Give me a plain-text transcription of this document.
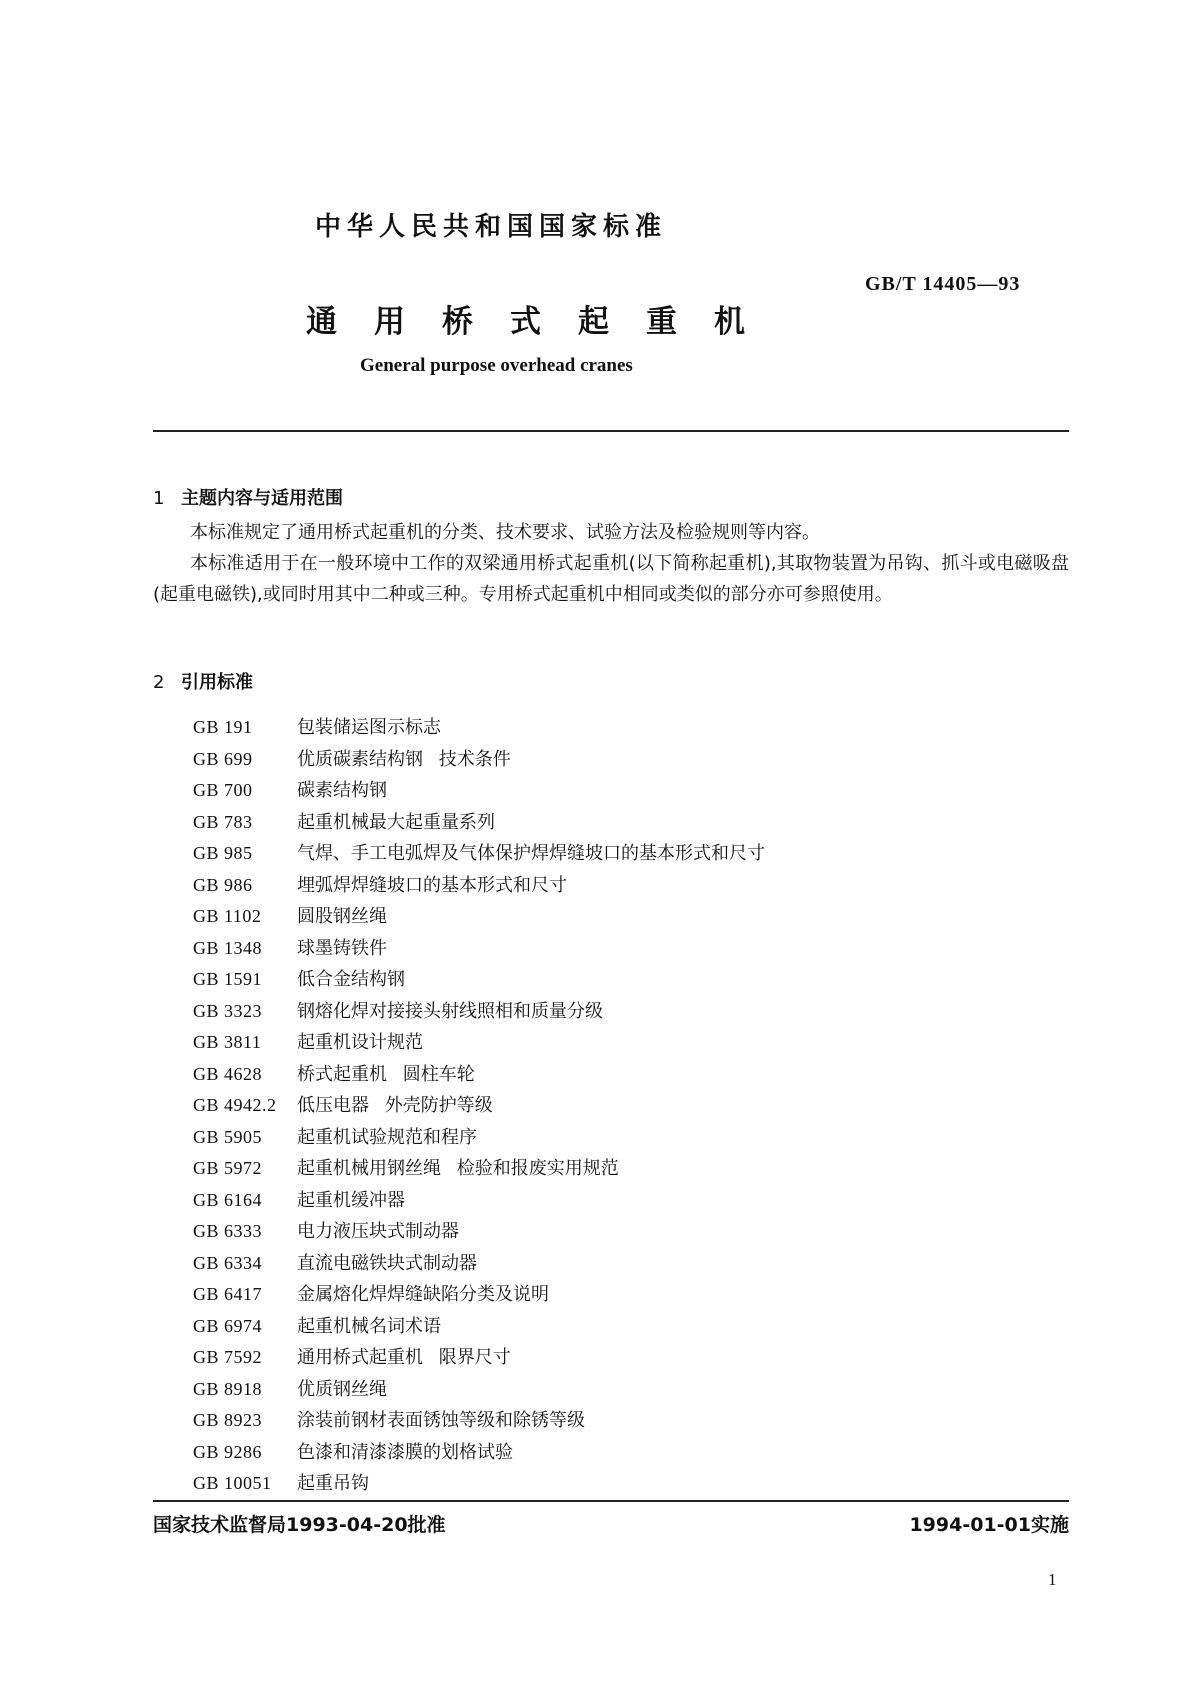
中华人民共和国国家标准
GB/T 14405—93
通用桥式起重机
General purpose overhead cranes
1 主题内容与适用范围
本标准规定了通用桥式起重机的分类、技术要求、试验方法及检验规则等内容。
本标准适用于在一般环境中工作的双梁通用桥式起重机(以下简称起重机),其取物装置为吊钩、抓斗或电磁吸盘(起重电磁铁),或同时用其中二种或三种。专用桥式起重机中相同或类似的部分亦可参照使用。
2 引用标准
GB 191 包装储运图示标志
GB 699 优质碳素结构钢 技术条件
GB 700 碳素结构钢
GB 783 起重机械最大起重量系列
GB 985 气焊、手工电弧焊及气体保护焊焊缝坡口的基本形式和尺寸
GB 986 埋弧焊焊缝坡口的基本形式和尺寸
GB 1102 圆股钢丝绳
GB 1348 球墨铸铁件
GB 1591 低合金结构钢
GB 3323 钢熔化焊对接接头射线照相和质量分级
GB 3811 起重机设计规范
GB 4628 桥式起重机 圆柱车轮
GB 4942.2 低压电器 外壳防护等级
GB 5905 起重机试验规范和程序
GB 5972 起重机械用钢丝绳 检验和报废实用规范
GB 6164 起重机缓冲器
GB 6333 电力液压块式制动器
GB 6334 直流电磁铁块式制动器
GB 6417 金属熔化焊焊缝缺陷分类及说明
GB 6974 起重机械名词术语
GB 7592 通用桥式起重机 限界尺寸
GB 8918 优质钢丝绳
GB 8923 涂装前钢材表面锈蚀等级和除锈等级
GB 9286 色漆和清漆漆膜的划格试验
GB 10051 起重吊钩
国家技术监督局1993-04-20批准	1994-01-01实施
1
